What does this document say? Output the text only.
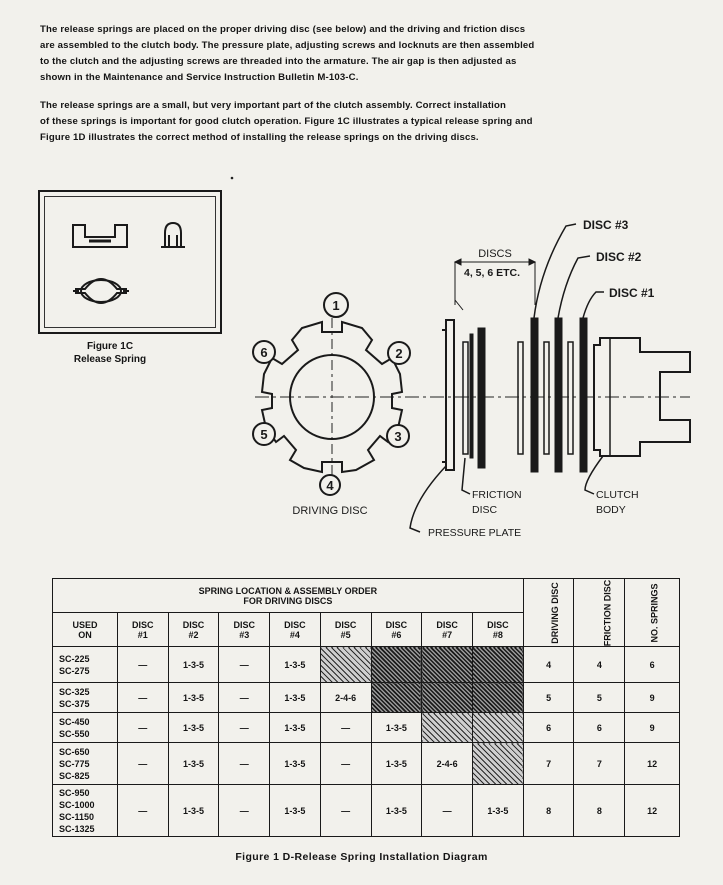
The release springs are placed on the proper driving disc (see below) and the driving and friction discs
are assembled to the clutch body. The pressure plate, adjusting screws and locknuts are then assembled
to the clutch and the adjusting screws are threaded into the armature. The air gap is then adjusted as
shown in the Maintenance and Service Instruction Bulletin M-103-C.
The release springs are a small, but very important part of the clutch assembly. Correct installation
of these springs is important for good clutch operation. Figure 1C illustrates a typical release spring and
Figure 1D illustrates the correct method of installing the release springs on the driving discs.
Figure 1C
Release Spring
1
2
3
4
5
6
DRIVING DISC
DISCS
4, 5, 6 ETC.
DISC #3
DISC #2
DISC #1
FRICTION
DISC
PRESSURE PLATE
CLUTCH
BODY
SPRING LOCATION & ASSEMBLY ORDER
FOR DRIVING DISCS									DRIVING DISC	FRICTION DISC	NO. SPRINGS
USED
ON	DISC
#1	DISC
#2	DISC
#3	DISC
#4	DISC
#5	DISC
#6	DISC
#7	DISC
#8			

SC-225
SC-275	—	1-3-5	—	1-3-5					4	4	6

SC-325
SC-375	—	1-3-5	—	1-3-5	2-4-6				5	5	9

SC-450
SC-550	—	1-3-5	—	1-3-5	—	1-3-5			6	6	9

SC-650
SC-775
SC-825	—	1-3-5	—	1-3-5	—	1-3-5	2-4-6		7	7	12

SC-950
SC-1000
SC-1150
SC-1325	—	1-3-5	—	1-3-5	—	1-3-5	—	1-3-5	8	8	12
Figure 1 D-Release Spring Installation Diagram
